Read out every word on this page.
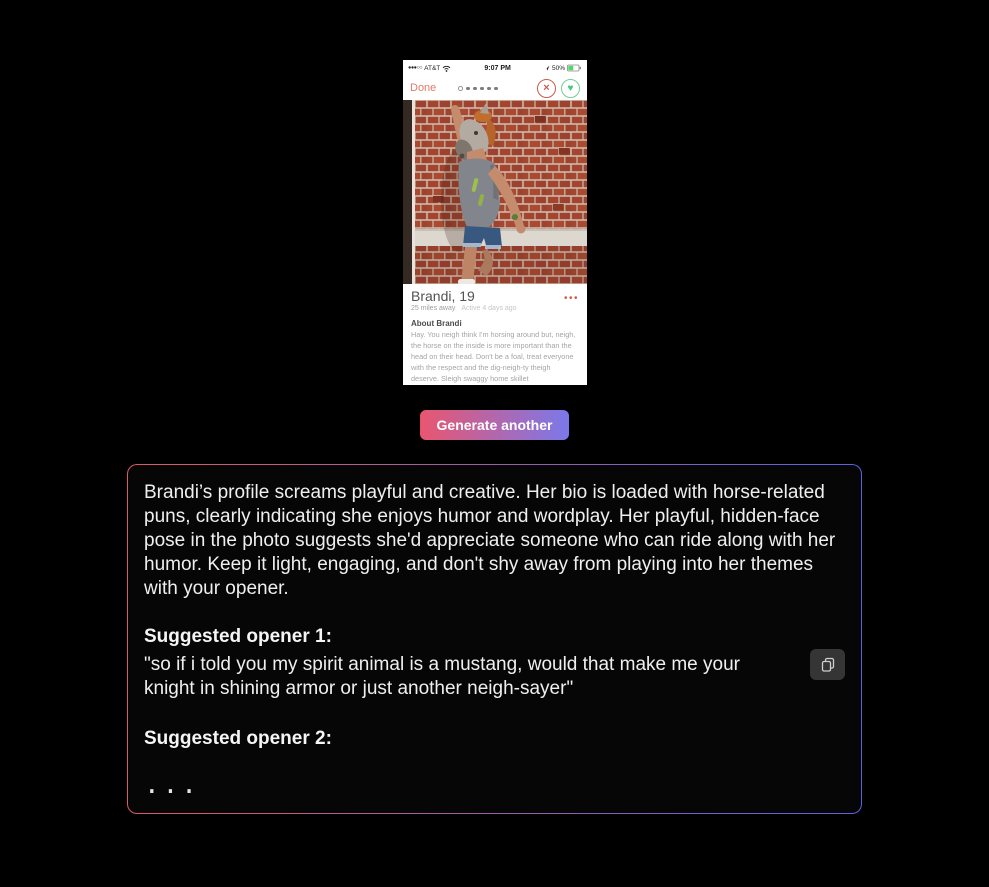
●●●○○ AT&T	9:07 PM	50%
Done	×	♥
Brandi, 19	•••
25 miles away Active 4 days ago
About Brandi
Hay. You neigh think I'm horsing around but, neigh, the horse on the inside is more important than the head on their head. Don't be a foal, treat everyone with the respect and the dig-neigh-ty theigh deserve. Sleigh swaggy home skillet
Generate another

Brandi’s profile screams playful and creative. Her bio is loaded with horse-related puns, clearly indicating she enjoys humor and wordplay. Her playful, hidden-face pose in the photo suggests she'd appreciate someone who can ride along with her humor. Keep it light, engaging, and don't shy away from playing into her themes with your opener.

Suggested opener 1:

"so if i told you my spirit animal is a mustang, would that make me your knight in shining armor or just another neigh-sayer"

Suggested opener 2:

...
